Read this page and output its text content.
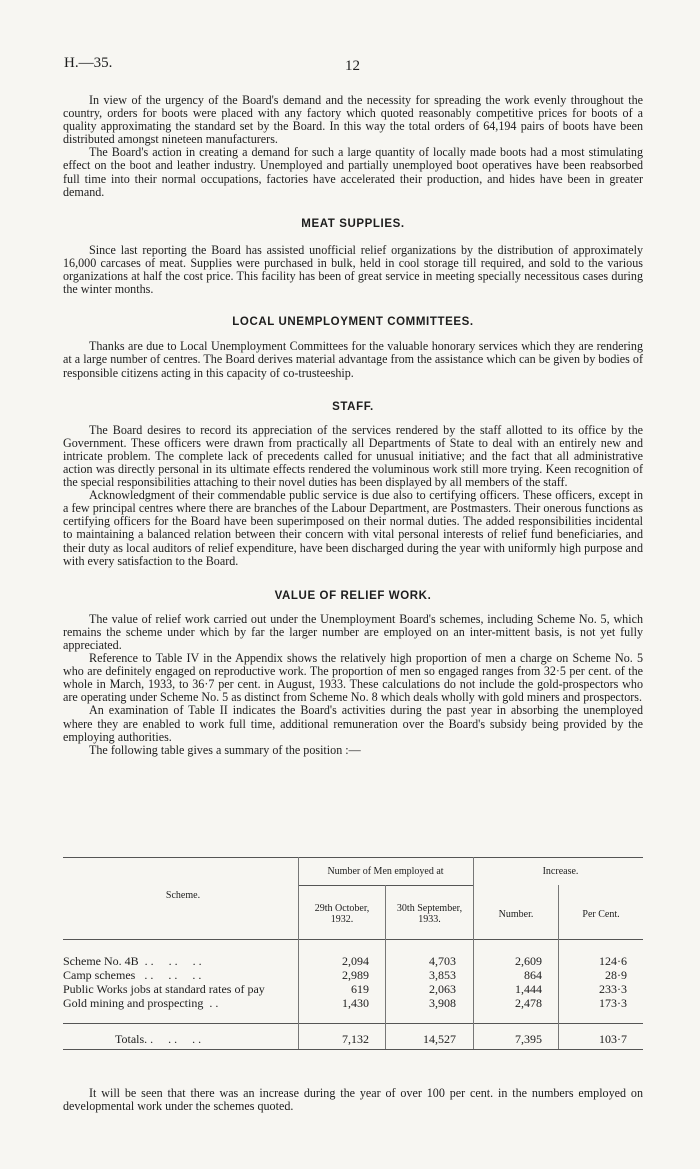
H.—35.	12

In view of the urgency of the Board's demand and the necessity for spreading the work evenly throughout the country, orders for boots were placed with any factory which quoted reasonably competitive prices for boots of a quality approximating the standard set by the Board. In this way the total orders of 64,194 pairs of boots have been distributed amongst nineteen manufacturers.

The Board's action in creating a demand for such a large quantity of locally made boots had a most stimulating effect on the boot and leather industry. Unemployed and partially unemployed boot operatives have been reabsorbed full time into their normal occupations, factories have accelerated their production, and hides have been in greater demand.

MEAT SUPPLIES.

Since last reporting the Board has assisted unofficial relief organizations by the distribution of approximately 16,000 carcases of meat. Supplies were purchased in bulk, held in cool storage till required, and sold to the various organizations at half the cost price. This facility has been of great service in meeting specially necessitous cases during the winter months.

LOCAL UNEMPLOYMENT COMMITTEES.

Thanks are due to Local Unemployment Committees for the valuable honorary services which they are rendering at a large number of centres. The Board derives material advantage from the assistance which can be given by bodies of responsible citizens acting in this capacity of co-trusteeship.

STAFF.

The Board desires to record its appreciation of the services rendered by the staff allotted to its office by the Government. These officers were drawn from practically all Departments of State to deal with an entirely new and intricate problem. The complete lack of precedents called for unusual initiative; and the fact that all administrative action was directly personal in its ultimate effects rendered the voluminous work still more trying. Keen recognition of the special responsibilities attaching to their novel duties has been displayed by all members of the staff.

Acknowledgment of their commendable public service is due also to certifying officers. These officers, except in a few principal centres where there are branches of the Labour Department, are Postmasters. Their onerous functions as certifying officers for the Board have been superimposed on their normal duties. The added responsibilities incidental to maintaining a balanced relation between their concern with vital personal interests of relief fund beneficiaries, and their duty as local auditors of relief expenditure, have been discharged during the year with uniformly high purpose and with every satisfaction to the Board.

VALUE OF RELIEF WORK.

The value of relief work carried out under the Unemployment Board's schemes, including Scheme No. 5, which remains the scheme under which by far the larger number are employed on an inter-mittent basis, is not yet fully appreciated.

Reference to Table IV in the Appendix shows the relatively high proportion of men a charge on Scheme No. 5 who are definitely engaged on reproductive work. The proportion of men so engaged ranges from 32·5 per cent. of the whole in March, 1933, to 36·7 per cent. in August, 1933. These calculations do not include the gold-prospectors who are operating under Scheme No. 5 as distinct from Scheme No. 8 which deals wholly with gold miners and prospectors.

An examination of Table II indicates the Board's activities during the past year in absorbing the unemployed where they are enabled to work full time, additional remuneration over the Board's subsidy being provided by the employing authorities.

The following table gives a summary of the position :—

Scheme.
Number of Men employed at	Increase.
29th October,
1932.
30th September,
1933.	Number.	Per Cent.
Scheme No. 4B  . .     . .     . .	2,094	4,703	2,609	124·6
Camp schemes   . .     . .     . .	2,989	3,853	864	28·9
Public Works jobs at standard rates of pay	619	2,063	1,444	233·3
Gold mining and prospecting  . .	1,430	3,908	2,478	173·3
Totals. .     . .     . .	7,132	14,527	7,395	103·7

It will be seen that there was an increase during the year of over 100 per cent. in the numbers employed on developmental work under the schemes quoted.
